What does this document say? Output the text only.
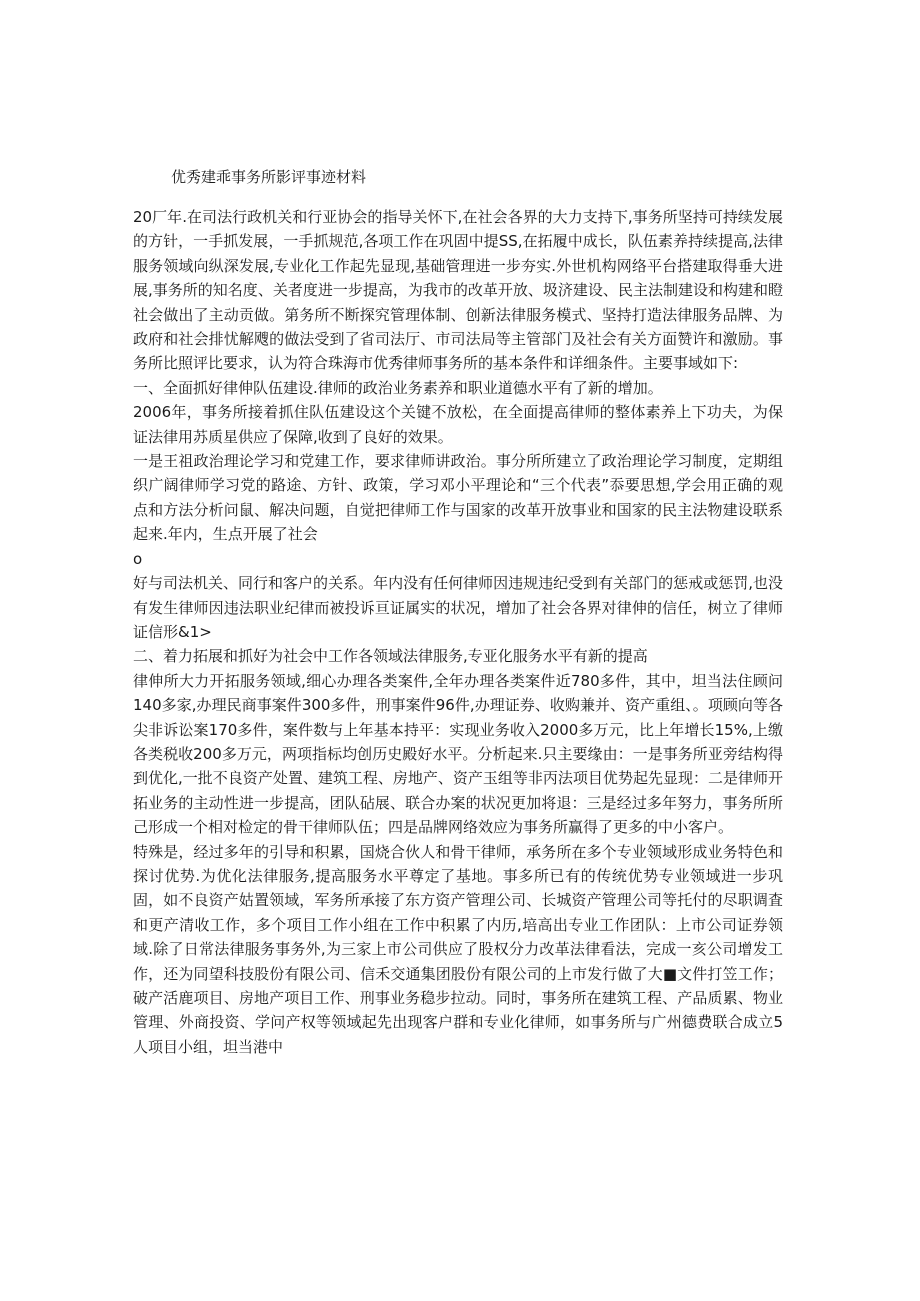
优秀建乖事务所影评事迹材料

20厂年.在司法行政机关和行亚协会的指导关怀下,在社会各界的大力支持下,事务所坚持可持续发展的方针，一手抓发展，一手抓规范,各项工作在巩固中提SS,在拓履中成长，队伍素养持续提高,法律服务领域向纵深发展,专业化工作起先显现,基础管理进一步夯实.外世机构网络平台搭建取得垂大进展,事务所的知名度、关者度进一步提高，为我市的改革开放、圾济建设、民主法制建设和构建和瞪社会做出了主动贡做。第务所不断探究管理体制、创新法律服务模式、坚持打造法律服务品牌、为政府和社会排忧解飕的做法受到了省司法厅、市司法局等主管部门及社会有关方面赞许和激励。事务所比照评比要求，认为符合珠海市优秀律师事务所的基本条件和详细条件。主要事域如下:

一、全面抓好律伸队伍建设.律师的政治业务素养和职业道德水平有了新的增加。

2006年，事务所接着抓住队伍建设这个关键不放松，在全面提高律师的整体素养上下功夫，为保证法律用苏质星供应了保障,收到了良好的效果。

一是王祖政治理论学习和党建工作，要求律师讲政治。事分所所建立了政治理论学习制度，定期组织广阔律师学习党的路途、方针、政策，学习邓小平理论和“三个代表”忝要思想,学会用正确的观点和方法分析问鼠、解决问题，自觉把律师工作与国家的改革开放事业和国家的民主法物建设联系起来.年内，生点开展了社会

o

好与司法机关、同行和客户的关系。年内没有任何律师因违规违纪受到有关部门的惩戒或惩罚,也没有发生律师因违法职业纪律而被投诉亘证属实的状况，增加了社会各界对律伸的信任，树立了律师证信形&1>

二、着力拓展和抓好为社会中工作各领域法律服务,专亚化服务水平有新的提高

律伸所大力开拓服务领域,细心办理各类案件,全年办理各类案件近780多件，其中，坦当法住顾问140多家,办理民商事案件300多件，刑事案件96件,办理证券、收购兼并、资产重组、。项顾向等各尖非诉讼案170多件，案件数与上年基本持平：实现业务收入2000多万元，比上年增长15%,上缴各类税收200多万元，两项指标均创历史殿好水平。分析起来.只主要缘由：一是事务所亚旁结构得到优化,一批不良资产处置、建筑工程、房地产、资产玉组等非丙法项目优势起先显现：二是律师开拓业务的主动性进一步提高，团队砧展、联合办案的状况更加将退：三是经过多年努力，事务所所己形成一个相对检定的骨干律师队伍；四是品牌网络效应为事务所赢得了更多的中小客户。

特殊是，经过多年的引导和积累，国烧合伙人和骨干律师，承务所在多个专业领域形成业务特色和探讨优势.为优化法律服务,提高服务水平尊定了基地。事多所已有的传统优势专业领域进一步巩固，如不良资产姑置领域，军务所承接了东方资产管理公司、长城资产管理公司等托付的尽职调査和更产清收工作，多个项目工作小组在工作中积累了内历,培高出专业工作团队：上市公司证券领域.除了日常法律服务事务外,为三家上市公司供应了股权分力改革法律看法，完成一亥公司增发工作，还为同望科技股份有限公司、信禾交通集团股份有限公司的上市发行做了大■文件打笠工作；破产活鹿项目、房地产项目工作、刑事业务稳步拉动。同时，事务所在建筑工程、产品质累、物业管理、外商投资、学问产权等领域起先出现客户群和专业化律师，如事务所与广州德费联合成立5人项目小组，坦当港中
